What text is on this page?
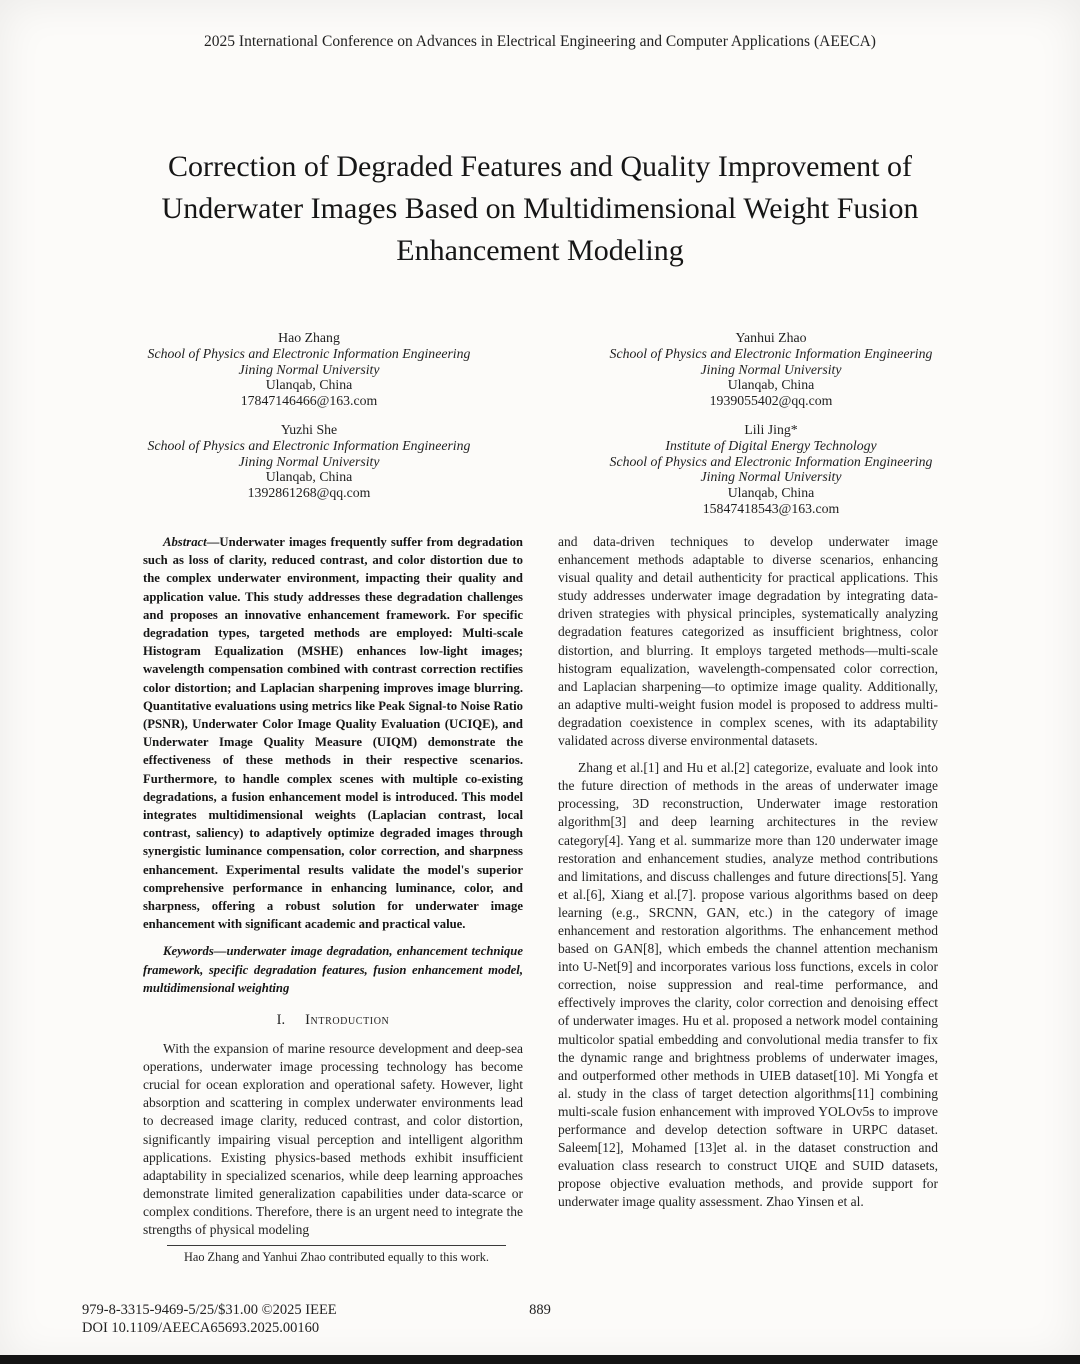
2025 International Conference on Advances in Electrical Engineering and Computer Applications (AEECA)
Correction of Degraded Features and Quality Improvement of Underwater Images Based on Multidimensional Weight Fusion Enhancement Modeling
Hao Zhang
School of Physics and Electronic Information Engineering
Jining Normal University
Ulanqab, China
17847146466@163.com
Yanhui Zhao
School of Physics and Electronic Information Engineering
Jining Normal University
Ulanqab, China
1939055402@qq.com
Yuzhi She
School of Physics and Electronic Information Engineering
Jining Normal University
Ulanqab, China
1392861268@qq.com
Lili Jing*
Institute of Digital Energy Technology
School of Physics and Electronic Information Engineering
Jining Normal University
Ulanqab, China
15847418543@163.com

Abstract—Underwater images frequently suffer from degradation such as loss of clarity, reduced contrast, and color distortion due to the complex underwater environment, impacting their quality and application value. This study addresses these degradation challenges and proposes an innovative enhancement framework. For specific degradation types, targeted methods are employed: Multi-scale Histogram Equalization (MSHE) enhances low-light images; wavelength compensation combined with contrast correction rectifies color distortion; and Laplacian sharpening improves image blurring. Quantitative evaluations using metrics like Peak Signal-to Noise Ratio (PSNR), Underwater Color Image Quality Evaluation (UCIQE), and Underwater Image Quality Measure (UIQM) demonstrate the effectiveness of these methods in their respective scenarios. Furthermore, to handle complex scenes with multiple co-existing degradations, a fusion enhancement model is introduced. This model integrates multidimensional weights (Laplacian contrast, local contrast, saliency) to adaptively optimize degraded images through synergistic luminance compensation, color correction, and sharpness enhancement. Experimental results validate the model's superior comprehensive performance in enhancing luminance, color, and sharpness, offering a robust solution for underwater image enhancement with significant academic and practical value.

Keywords—underwater image degradation, enhancement technique framework, specific degradation features, fusion enhancement model, multidimensional weighting

I. Introduction

With the expansion of marine resource development and deep-sea operations, underwater image processing technology has become crucial for ocean exploration and operational safety. However, light absorption and scattering in complex underwater environments lead to decreased image clarity, reduced contrast, and color distortion, significantly impairing visual perception and intelligent algorithm applications. Existing physics-based methods exhibit insufficient adaptability in specialized scenarios, while deep learning approaches demonstrate limited generalization capabilities under data-scarce or complex conditions. Therefore, there is an urgent need to integrate the strengths of physical modeling

and data-driven techniques to develop underwater image enhancement methods adaptable to diverse scenarios, enhancing visual quality and detail authenticity for practical applications. This study addresses underwater image degradation by integrating data-driven strategies with physical principles, systematically analyzing degradation features categorized as insufficient brightness, color distortion, and blurring. It employs targeted methods—multi-scale histogram equalization, wavelength-compensated color correction, and Laplacian sharpening—to optimize image quality. Additionally, an adaptive multi-weight fusion model is proposed to address multi-degradation coexistence in complex scenes, with its adaptability validated across diverse environmental datasets.

Zhang et al.[1] and Hu et al.[2] categorize, evaluate and look into the future direction of methods in the areas of underwater image processing, 3D reconstruction, Underwater image restoration algorithm[3] and deep learning architectures in the review category[4]. Yang et al. summarize more than 120 underwater image restoration and enhancement studies, analyze method contributions and limitations, and discuss challenges and future directions[5]. Yang et al.[6], Xiang et al.[7]. propose various algorithms based on deep learning (e.g., SRCNN, GAN, etc.) in the category of image enhancement and restoration algorithms. The enhancement method based on GAN[8], which embeds the channel attention mechanism into U-Net[9] and incorporates various loss functions, excels in color correction, noise suppression and real-time performance, and effectively improves the clarity, color correction and denoising effect of underwater images. Hu et al. proposed a network model containing multicolor spatial embedding and convolutional media transfer to fix the dynamic range and brightness problems of underwater images, and outperformed other methods in UIEB dataset[10]. Mi Yongfa et al. study in the class of target detection algorithms[11] combining multi-scale fusion enhancement with improved YOLOv5s to improve performance and develop detection software in URPC dataset. Saleem[12], Mohamed [13]et al. in the dataset construction and evaluation class research to construct UIQE and SUID datasets, propose objective evaluation methods, and provide support for underwater image quality assessment. Zhao Yinsen et al.

Hao Zhang and Yanhui Zhao contributed equally to this work.
979-8-3315-9469-5/25/$31.00 ©2025 IEEE
DOI 10.1109/AEECA65693.2025.00160
889
